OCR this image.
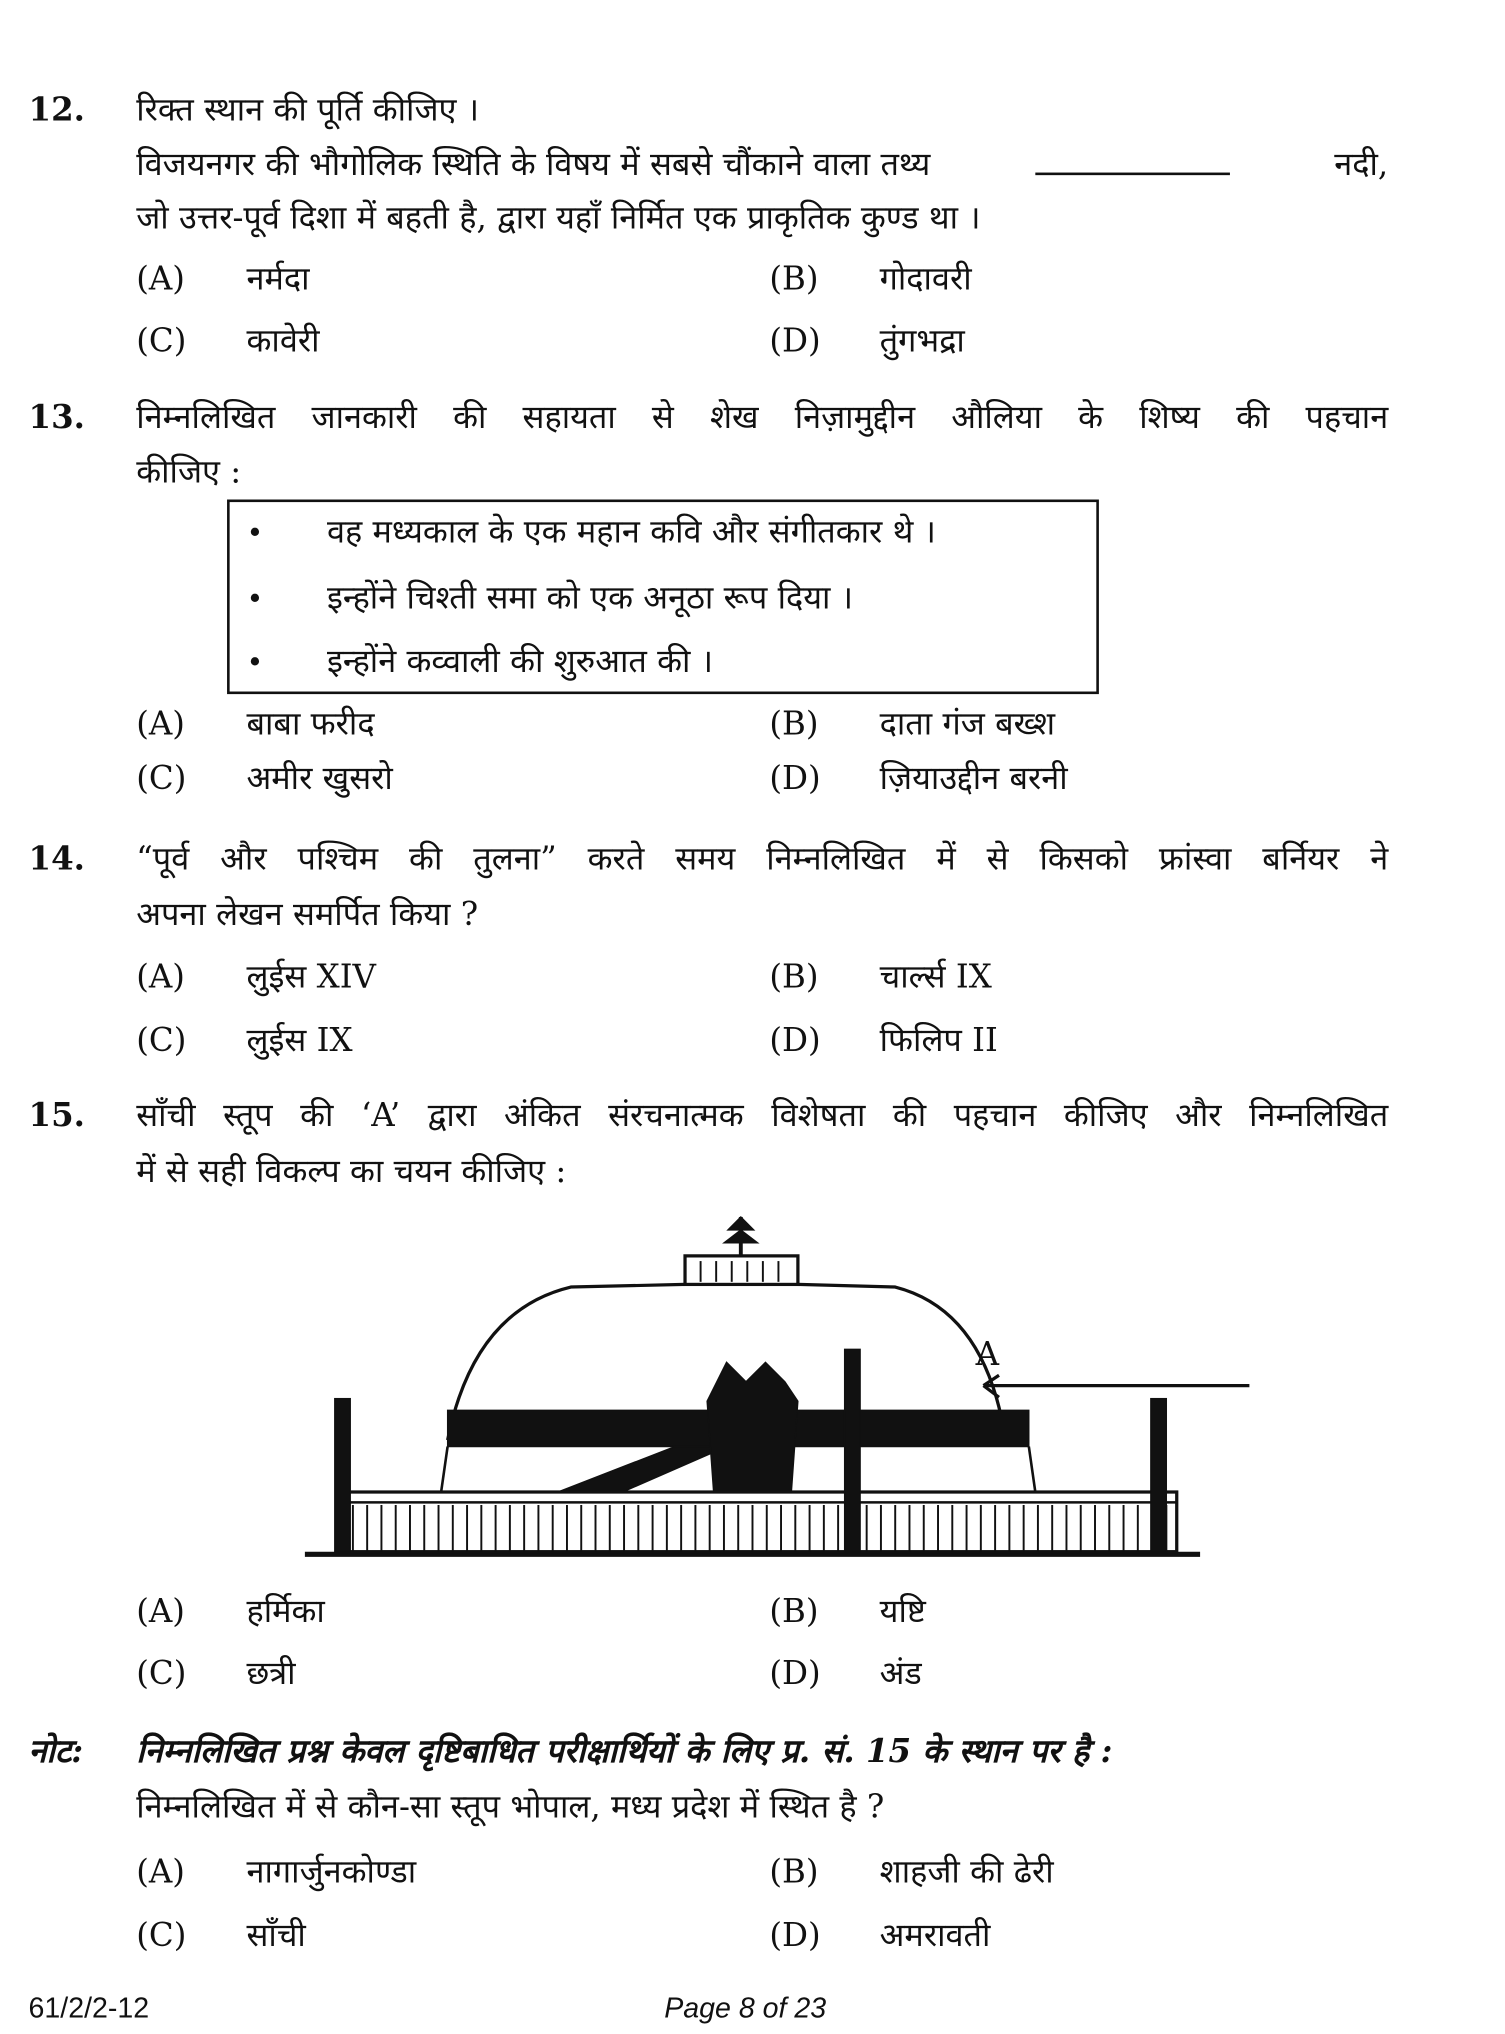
12. रिक्त स्थान की पूर्ति कीजिए ।
विजयनगर की भौगोलिक स्थिति के विषय में सबसे चौंकाने वाला तथ्य	नदी,
जो उत्तर-पूर्व दिशा में बहती है, द्वारा यहाँ निर्मित एक प्राकृतिक कुण्ड था ।
(A) नर्मदा	(B) गोदावरी
(C) कावेरी	(D) तुंगभद्रा
13. निम्नलिखित जानकारी की सहायता से शेख निज़ामुद्दीन औलिया के शिष्य की पहचान
कीजिए :
•	वह मध्यकाल के एक महान कवि और संगीतकार थे ।
•	इन्होंने चिश्ती समा को एक अनूठा रूप दिया ।
•	इन्होंने कव्वाली की शुरुआत की ।
(A) बाबा फरीद	(B) दाता गंज बख्श
(C) अमीर खुसरो	(D) ज़ियाउद्दीन बरनी
14. “पूर्व और पश्चिम की तुलना” करते समय निम्नलिखित में से किसको फ्रांस्वा बर्नियर ने
अपना लेखन समर्पित किया ?
(A) लुईस XIV	(B) चार्ल्स IX
(C) लुईस IX	(D) फिलिप II
15. साँची स्तूप की ‘A’ द्वारा अंकित संरचनात्मक विशेषता की पहचान कीजिए और निम्नलिखित
में से सही विकल्प का चयन कीजिए :
A
(A) हर्मिका	(B) यष्टि
(C) छत्री	(D) अंड
नोट: निम्नलिखित प्रश्न केवल दृष्टिबाधित परीक्षार्थियों के लिए प्र. सं. 15 के स्थान पर है :
निम्नलिखित में से कौन-सा स्तूप भोपाल, मध्य प्रदेश में स्थित है ?
(A) नागार्जुनकोण्डा	(B) शाहजी की ढेरी
(C) साँची	(D) अमरावती
61/2/2-12	Page 8 of 23
